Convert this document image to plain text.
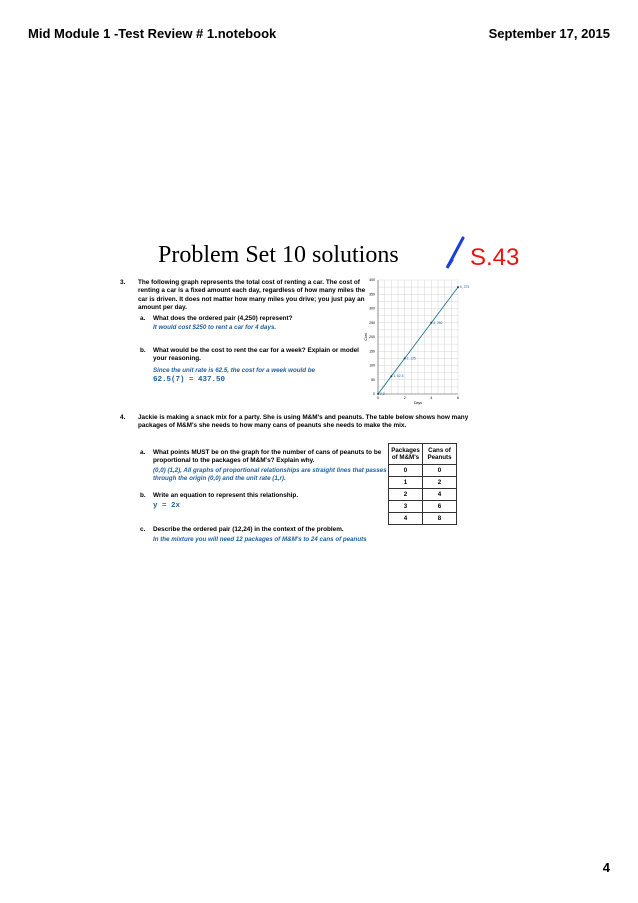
Mid Module 1 -Test Review # 1.notebook	September 17, 2015
Problem Set 10 solutions	S.43
3. The following graph represents the total cost of renting a car. The cost of
renting a car is a fixed amount each day, regardless of how many miles the
car is driven. It does not matter how many miles you drive; you just pay an
amount per day.
a. What does the ordered pair (4,250) represent?
It would cost $250 to rent a car for 4 days.
b. What would be the cost to rent the car for a week? Explain or model
your reasoning.
Since the unit rate is 62.5, the cost for a week would be
62.5(7) = 437.50
0	2	4	6
0
50
100
150
200
250
300
350
400
0,0
1, 62.5
2, 125
4, 250
6, 375
Days
Cost
4. Jackie is making a snack mix for a party. She is using M&M's and peanuts. The table below shows how many
packages of M&M's she needs to how many cans of peanuts she needs to make the mix.
a. What points MUST be on the graph for the number of cans of peanuts to be
proportional to the packages of M&M's? Explain why.
(0,0) (1,2), All graphs of proportional relationships are straight lines that passes
through the origin (0,0) and the unit rate (1,r).
b. Write an equation to represent this relationship.
y = 2x
c. Describe the ordered pair (12,24) in the context of the problem.
In the mixture you will need 12 packages of M&M's to 24 cans of peanuts
Packages of M&M's	Cans of Peanuts
0	0
1	2
2	4
3	6
4	8
4
